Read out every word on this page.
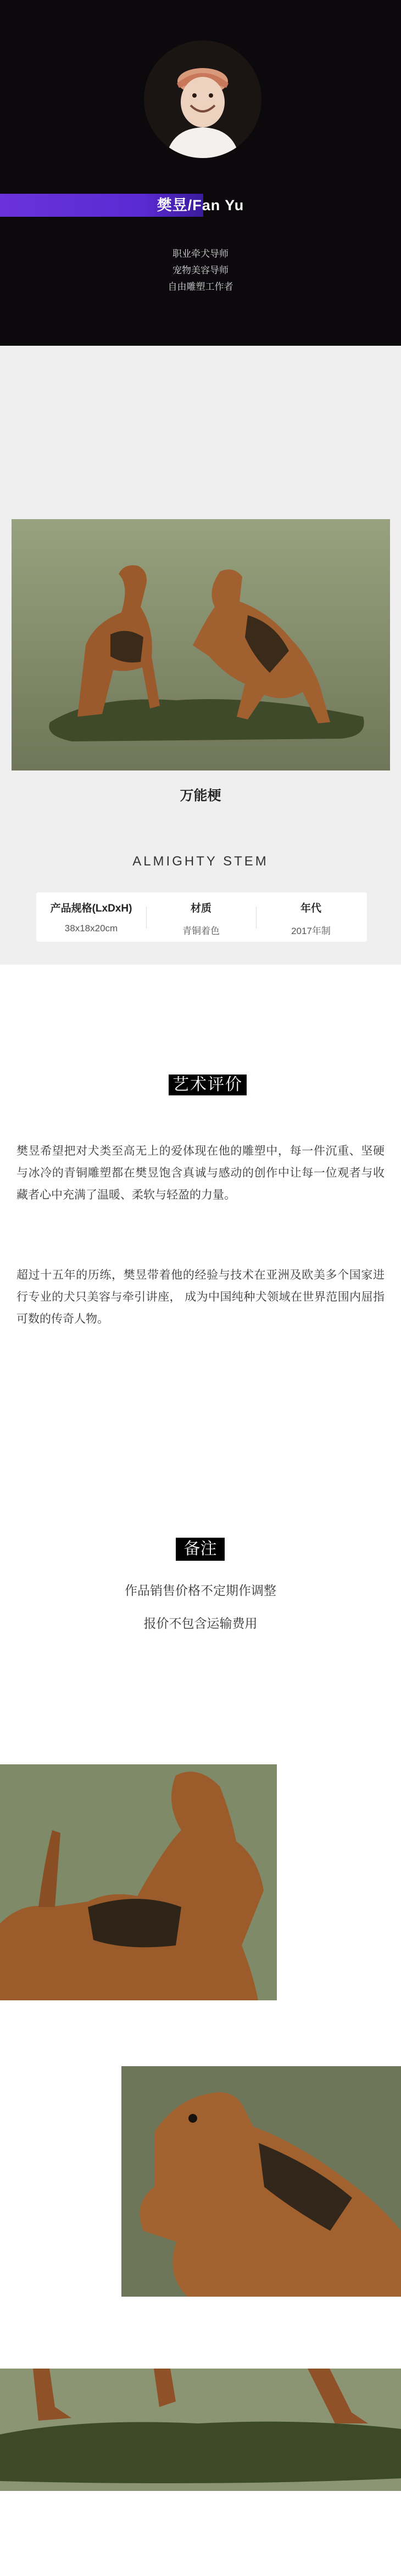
樊昱/Fan Yu
职业牵犬导师
宠物美容导师
自由雕塑工作者
万能梗
ALMIGHTY STEM
产品规格(LxDxH)
38x18x20cm
材质
青铜着色
年代
2017年制
艺术评价
樊昱希望把对犬类至高无上的爱体现在他的雕塑中，每一件沉重、坚硬与冰冷的青铜雕塑都在樊昱饱含真诚与感动的创作中让每一位观者与收藏者心中充满了温暖、柔软与轻盈的力量。
超过十五年的历练，樊昱带着他的经验与技术在亚洲及欧美多个国家进行专业的犬只美容与牵引讲座， 成为中国纯种犬领域在世界范围内屈指可数的传奇人物。
备注
作品销售价格不定期作调整
报价不包含运输费用
